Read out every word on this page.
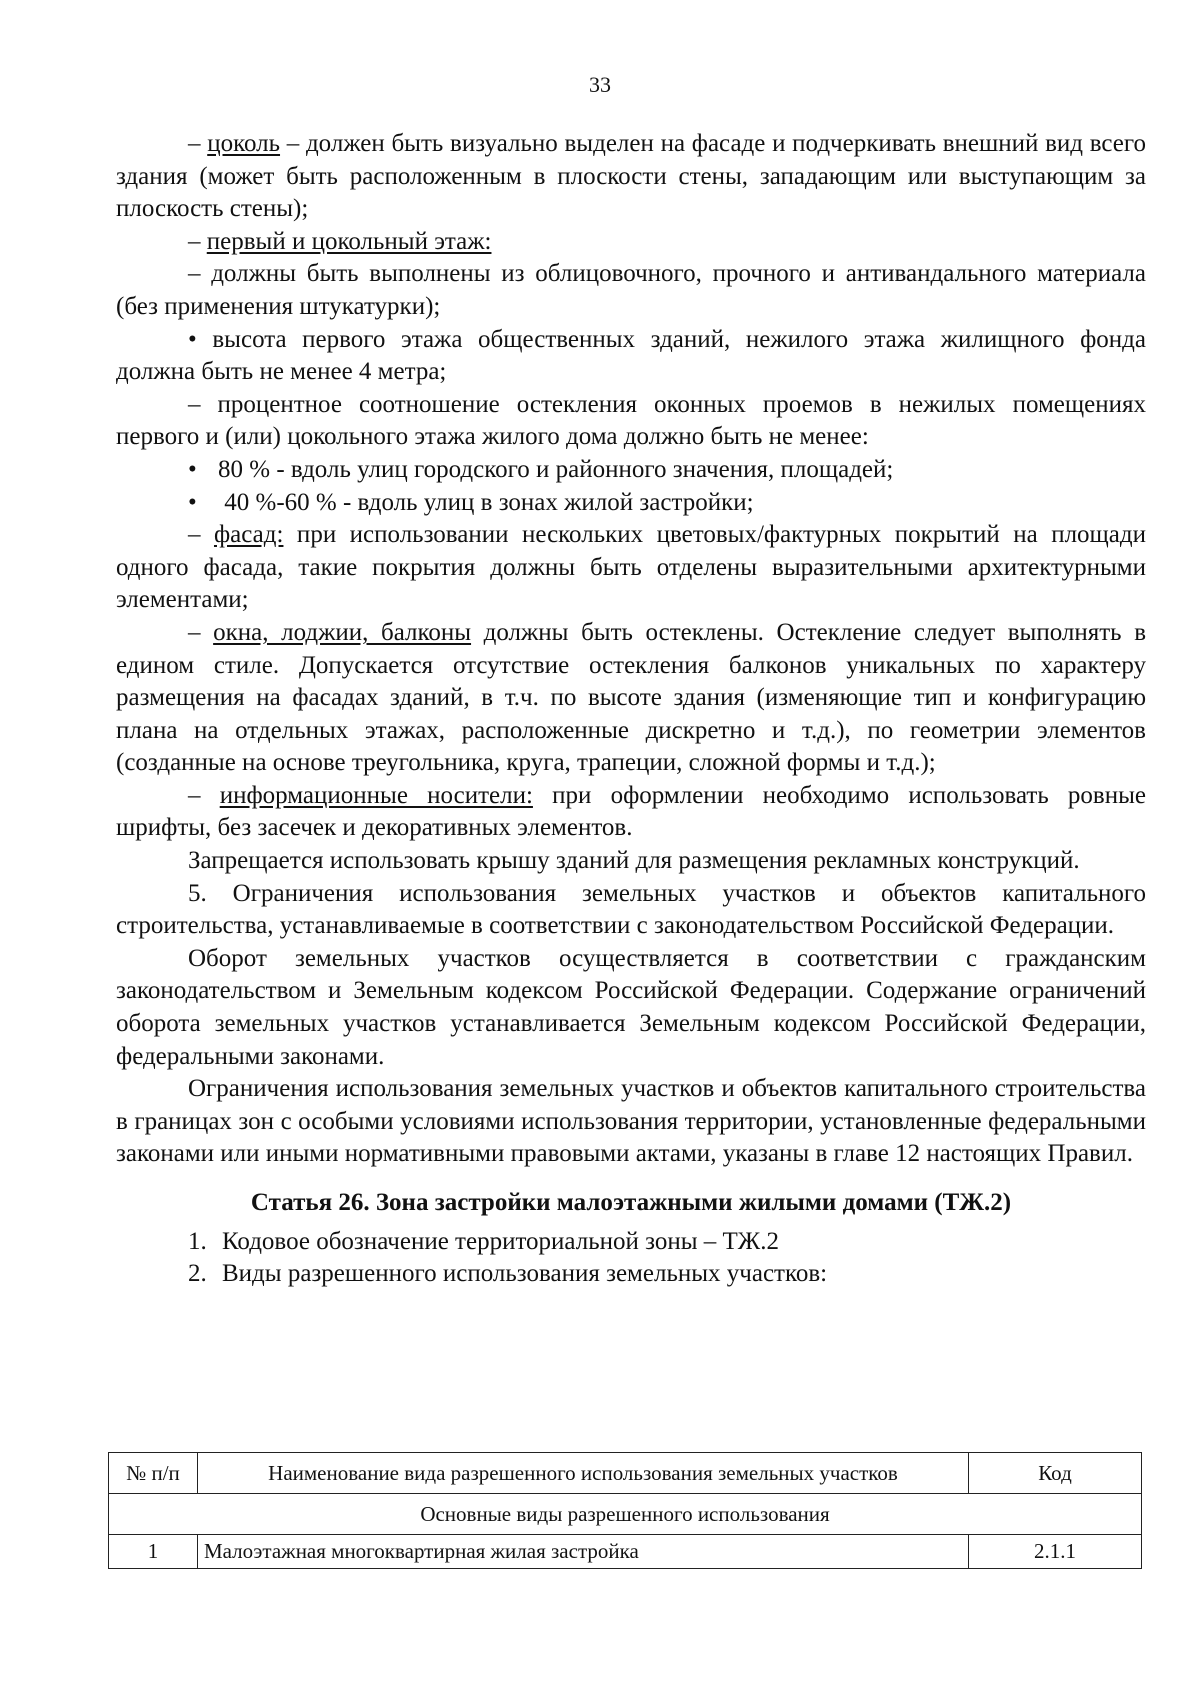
33

– цоколь – должен быть визуально выделен на фасаде и подчеркивать внешний вид всего здания (может быть расположенным в плоскости стены, западающим или выступающим за плоскость стены);

– первый и цокольный этаж:

– должны быть выполнены из облицовочного, прочного и антивандального материала (без применения штукатурки);

• высота первого этажа общественных зданий, нежилого этажа жилищного фонда должна быть не менее 4 метра;

– процентное соотношение остекления оконных проемов в нежилых помещениях первого и (или) цокольного этажа жилого дома должно быть не менее:

• 80 % - вдоль улиц городского и районного значения, площадей;

• 40 %-60 % - вдоль улиц в зонах жилой застройки;

– фасад: при использовании нескольких цветовых/фактурных покрытий на площади одного фасада, такие покрытия должны быть отделены выразительными архитектурными элементами;

– окна, лоджии, балконы должны быть остеклены. Остекление следует выполнять в едином стиле. Допускается отсутствие остекления балконов уникальных по характеру размещения на фасадах зданий, в т.ч. по высоте здания (изменяющие тип и конфигурацию плана на отдельных этажах, расположенные дискретно и т.д.), по геометрии элементов (созданные на основе треугольника, круга, трапеции, сложной формы и т.д.);

– информационные носители: при оформлении необходимо использовать ровные шрифты, без засечек и декоративных элементов.

Запрещается использовать крышу зданий для размещения рекламных конструкций.

5. Ограничения использования земельных участков и объектов капитального строительства, устанавливаемые в соответствии с законодательством Российской Федерации.

Оборот земельных участков осуществляется в соответствии с гражданским законодательством и Земельным кодексом Российской Федерации. Содержание ограничений оборота земельных участков устанавливается Земельным кодексом Российской Федерации, федеральными законами.

Ограничения использования земельных участков и объектов капитального строительства в границах зон с особыми условиями использования территории, установленные федеральными законами или иными нормативными правовыми актами, указаны в главе 12 настоящих Правил.

Статья 26. Зона застройки малоэтажными жилыми домами (ТЖ.2)

1. Кодовое обозначение территориальной зоны – ТЖ.2

2. Виды разрешенного использования земельных участков:

№ п/п	Наименование вида разрешенного использования земельных участков	Код
Основные виды разрешенного использования		
1	Малоэтажная многоквартирная жилая застройка	2.1.1
